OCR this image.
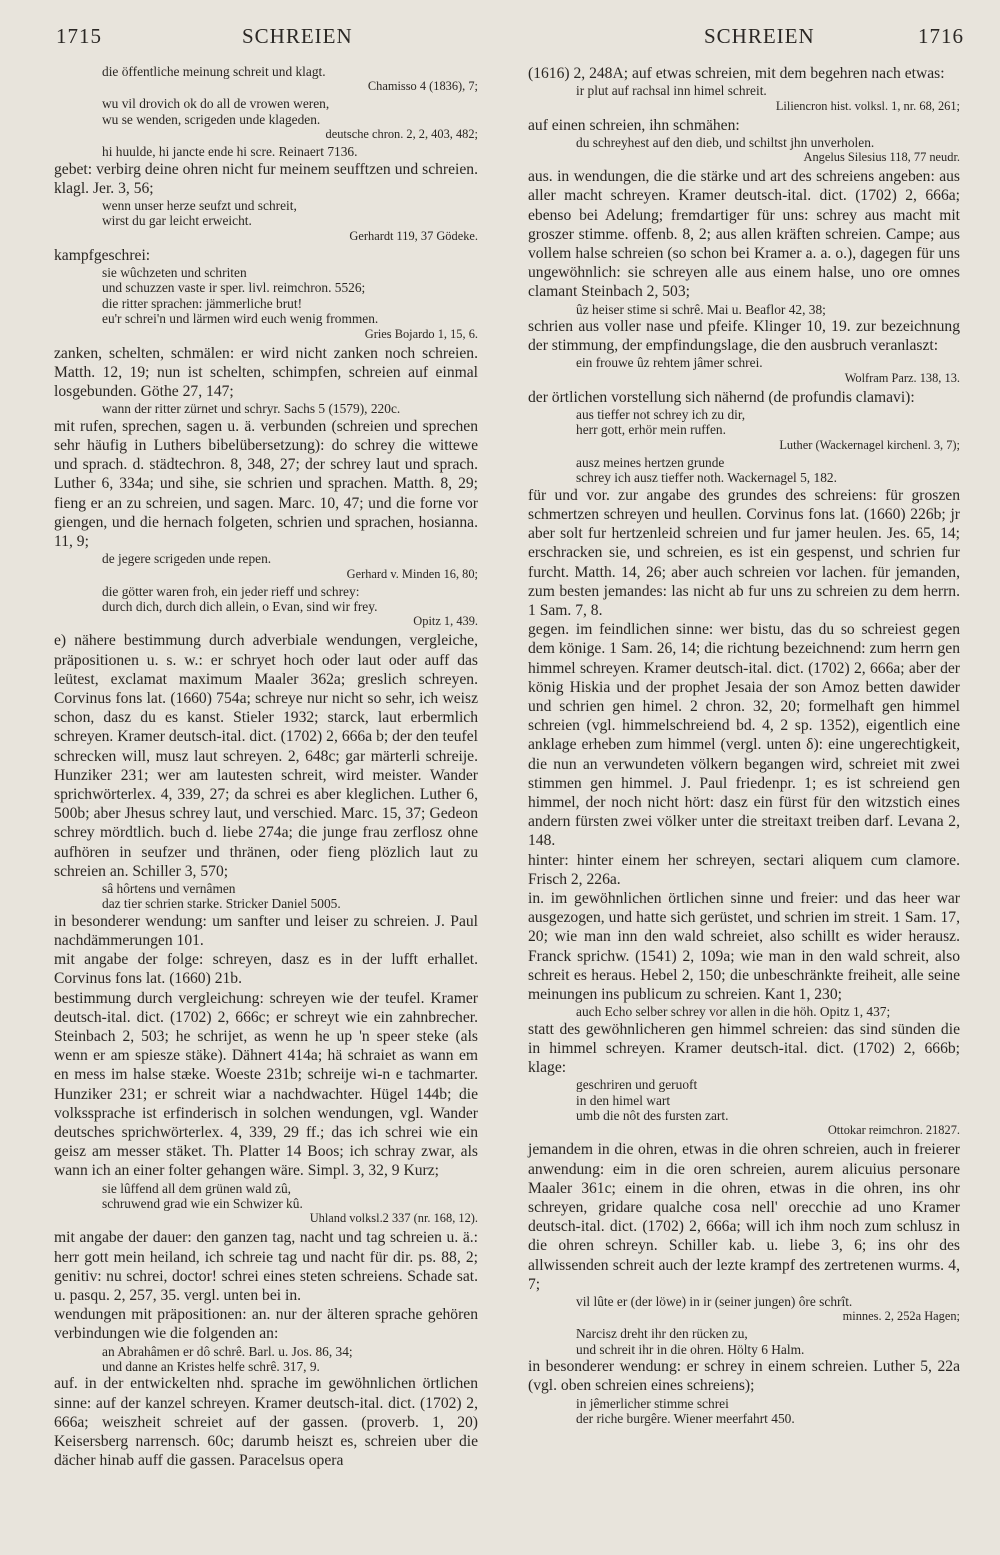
1715	SCHREIEN	SCHREIEN	1716

die öffentliche meinung schreit und klagt.

Chamisso 4 (1836), 7;

wu vil drovich ok do all de vrowen weren,

wu se wenden, scrigeden unde klageden.

deutsche chron. 2, 2, 403, 482;

hi huulde, hi jancte ende hi scre. Reinaert 7136.

gebet: verbirg deine ohren nicht fur meinem seufftzen und schreien. klagl. Jer. 3, 56;

wenn unser herze seufzt und schreit,

wirst du gar leicht erweicht.

Gerhardt 119, 37 Gödeke.

kampfgeschrei:

sie wûchzeten und schriten

und schuzzen vaste ir sper. livl. reimchron. 5526;

die ritter sprachen: jämmerliche brut!

eu'r schrei'n und lärmen wird euch wenig frommen.

Gries Bojardo 1, 15, 6.

zanken, schelten, schmälen: er wird nicht zanken noch schreien. Matth. 12, 19; nun ist schelten, schimpfen, schreien auf einmal losgebunden. Göthe 27, 147;

wann der ritter zürnet und schryr. Sachs 5 (1579), 220c.

mit rufen, sprechen, sagen u. ä. verbunden (schreien und sprechen sehr häufig in Luthers bibelübersetzung): do schrey die wittewe und sprach. d. städtechron. 8, 348, 27; der schrey laut und sprach. Luther 6, 334a; und sihe, sie schrien und sprachen. Matth. 8, 29; fieng er an zu schreien, und sagen. Marc. 10, 47; und die forne vor giengen, und die hernach folgeten, schrien und sprachen, hosianna. 11, 9;

de jegere scrigeden unde repen.

Gerhard v. Minden 16, 80;

die götter waren froh, ein jeder rieff und schrey:

durch dich, durch dich allein, o Evan, sind wir frey.

Opitz 1, 439.

e) nähere bestimmung durch adverbiale wendungen, vergleiche, präpositionen u. s. w.: er schryet hoch oder laut oder auff das leütest, exclamat maximum Maaler 362a; greslich schreyen. Corvinus fons lat. (1660) 754a; schreye nur nicht so sehr, ich weisz schon, dasz du es kanst. Stieler 1932; starck, laut erbermlich schreyen. Kramer deutsch-ital. dict. (1702) 2, 666a b; der den teufel schrecken will, musz laut schreyen. 2, 648c; gar märterli schreije. Hunziker 231; wer am lautesten schreit, wird meister. Wander sprichwörterlex. 4, 339, 27; da schrei es aber kleglichen. Luther 6, 500b; aber Jhesus schrey laut, und verschied. Marc. 15, 37; Gedeon schrey mördtlich. buch d. liebe 274a; die junge frau zerflosz ohne aufhören in seufzer und thränen, oder fieng plözlich laut zu schreien an. Schiller 3, 570;

sâ hôrtens und vernâmen

daz tier schrien starke. Stricker Daniel 5005.

in besonderer wendung: um sanfter und leiser zu schreien. J. Paul nachdämmerungen 101.

mit angabe der folge: schreyen, dasz es in der lufft erhallet. Corvinus fons lat. (1660) 21b.

bestimmung durch vergleichung: schreyen wie der teufel. Kramer deutsch-ital. dict. (1702) 2, 666c; er schreyt wie ein zahnbrecher. Steinbach 2, 503; he schrijet, as wenn he up 'n speer steke (als wenn er am spiesze stäke). Dähnert 414a; hä schraiet as wann em en mess im halse stæke. Woeste 231b; schreije wi-n e tachmarter. Hunziker 231; er schreit wiar a nachdwachter. Hügel 144b; die volkssprache ist erfinderisch in solchen wendungen, vgl. Wander deutsches sprichwörterlex. 4, 339, 29 ff.; das ich schrei wie ein geisz am messer stäket. Th. Platter 14 Boos; ich schray zwar, als wann ich an einer folter gehangen wäre. Simpl. 3, 32, 9 Kurz;

sie lûffend all dem grünen wald zû,

schruwend grad wie ein Schwizer kû.

Uhland volksl.2 337 (nr. 168, 12).

mit angabe der dauer: den ganzen tag, nacht und tag schreien u. ä.: herr gott mein heiland, ich schreie tag und nacht für dir. ps. 88, 2; genitiv: nu schrei, doctor! schrei eines steten schreiens. Schade sat. u. pasqu. 2, 257, 35. vergl. unten bei in.

wendungen mit präpositionen: an. nur der älteren sprache gehören verbindungen wie die folgenden an:

an Abrahâmen er dô schrê. Barl. u. Jos. 86, 34;

und danne an Kristes helfe schrê. 317, 9.

auf. in der entwickelten nhd. sprache im gewöhnlichen örtlichen sinne: auf der kanzel schreyen. Kramer deutsch-ital. dict. (1702) 2, 666a; weiszheit schreiet auf der gassen. (proverb. 1, 20) Keisersberg narrensch. 60c; darumb heiszt es, schreien uber die dächer hinab auff die gassen. Paracelsus opera

(1616) 2, 248A; auf etwas schreien, mit dem begehren nach etwas:

ir plut auf rachsal inn himel schreit.

Liliencron hist. volksl. 1, nr. 68, 261;

auf einen schreien, ihn schmähen:

du schreyhest auf den dieb, und schiltst jhn unverholen.

Angelus Silesius 118, 77 neudr.

aus. in wendungen, die die stärke und art des schreiens angeben: aus aller macht schreyen. Kramer deutsch-ital. dict. (1702) 2, 666a; ebenso bei Adelung; fremdartiger für uns: schrey aus macht mit groszer stimme. offenb. 8, 2; aus allen kräften schreien. Campe; aus vollem halse schreien (so schon bei Kramer a. a. o.), dagegen für uns ungewöhnlich: sie schreyen alle aus einem halse, uno ore omnes clamant Steinbach 2, 503;

ûz heiser stime si schrê. Mai u. Beaflor 42, 38;

schrien aus voller nase und pfeife. Klinger 10, 19. zur bezeichnung der stimmung, der empfindungslage, die den ausbruch veranlaszt:

ein frouwe ûz rehtem jâmer schrei.

Wolfram Parz. 138, 13.

der örtlichen vorstellung sich nähernd (de profundis clamavi):

aus tieffer not schrey ich zu dir,

herr gott, erhör mein ruffen.

Luther (Wackernagel kirchenl. 3, 7);

ausz meines hertzen grunde

schrey ich ausz tieffer noth. Wackernagel 5, 182.

für und vor. zur angabe des grundes des schreiens: für groszen schmertzen schreyen und heullen. Corvinus fons lat. (1660) 226b; jr aber solt fur hertzenleid schreien und fur jamer heulen. Jes. 65, 14; erschracken sie, und schreien, es ist ein gespenst, und schrien fur furcht. Matth. 14, 26; aber auch schreien vor lachen. für jemanden, zum besten jemandes: las nicht ab fur uns zu schreien zu dem herrn. 1 Sam. 7, 8.

gegen. im feindlichen sinne: wer bistu, das du so schreiest gegen dem könige. 1 Sam. 26, 14; die richtung bezeichnend: zum herrn gen himmel schreyen. Kramer deutsch-ital. dict. (1702) 2, 666a; aber der könig Hiskia und der prophet Jesaia der son Amoz betten dawider und schrien gen himel. 2 chron. 32, 20; formelhaft gen himmel schreien (vgl. himmelschreiend bd. 4, 2 sp. 1352), eigentlich eine anklage erheben zum himmel (vergl. unten δ): eine ungerechtigkeit, die nun an verwundeten völkern begangen wird, schreiet mit zwei stimmen gen himmel. J. Paul friedenpr. 1; es ist schreiend gen himmel, der noch nicht hört: dasz ein fürst für den witzstich eines andern fürsten zwei völker unter die streitaxt treiben darf. Levana 2, 148.

hinter: hinter einem her schreyen, sectari aliquem cum clamore. Frisch 2, 226a.

in. im gewöhnlichen örtlichen sinne und freier: und das heer war ausgezogen, und hatte sich gerüstet, und schrien im streit. 1 Sam. 17, 20; wie man inn den wald schreiet, also schillt es wider herausz. Franck sprichw. (1541) 2, 109a; wie man in den wald schreit, also schreit es heraus. Hebel 2, 150; die unbeschränkte freiheit, alle seine meinungen ins publicum zu schreien. Kant 1, 230;

auch Echo selber schrey vor allen in die höh. Opitz 1, 437;

statt des gewöhnlicheren gen himmel schreien: das sind sünden die in himmel schreyen. Kramer deutsch-ital. dict. (1702) 2, 666b; klage:

geschriren und geruoft

in den himel wart

umb die nôt des fursten zart.

Ottokar reimchron. 21827.

jemandem in die ohren, etwas in die ohren schreien, auch in freierer anwendung: eim in die oren schreien, aurem alicuius personare Maaler 361c; einem in die ohren, etwas in die ohren, ins ohr schreyen, gridare qualche cosa nell' orecchie ad uno Kramer deutsch-ital. dict. (1702) 2, 666a; will ich ihm noch zum schlusz in die ohren schreyn. Schiller kab. u. liebe 3, 6; ins ohr des allwissenden schreit auch der lezte krampf des zertretenen wurms. 4, 7;

vil lûte er (der löwe) in ir (seiner jungen) ôre schrît.

minnes. 2, 252a Hagen;

Narcisz dreht ihr den rücken zu,

und schreit ihr in die ohren. Hölty 6 Halm.

in besonderer wendung: er schrey in einem schreien. Luther 5, 22a (vgl. oben schreien eines schreiens);

in jêmerlicher stimme schrei

der riche burgêre. Wiener meerfahrt 450.
